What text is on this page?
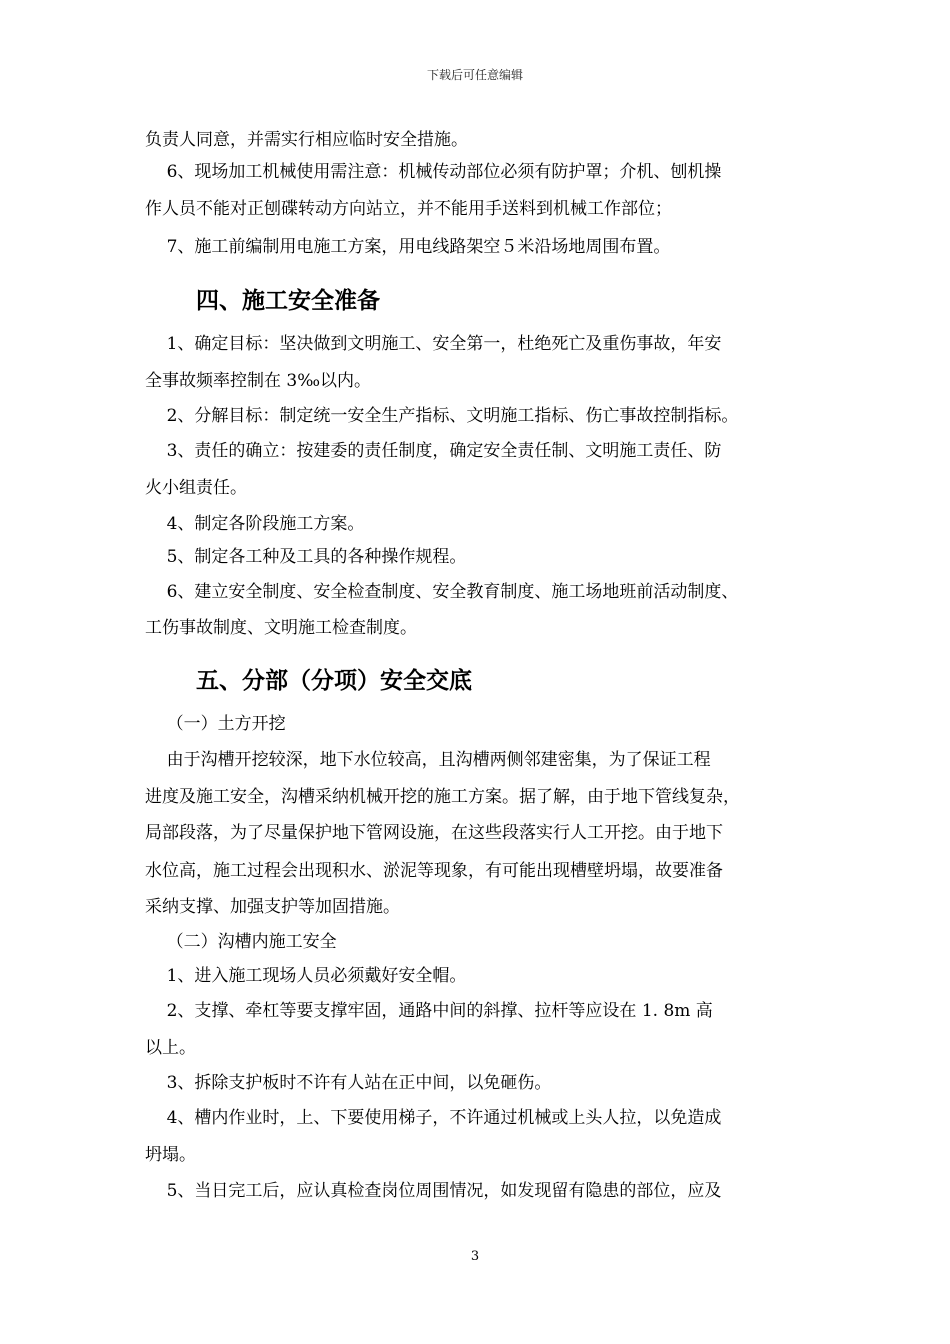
下载后可任意编辑
负责人同意，并需实行相应临时安全措施。
6、现场加工机械使用需注意：机械传动部位必须有防护罩；介机、刨机操
作人员不能对正刨碟转动方向站立，并不能用手送料到机械工作部位；
7、施工前编制用电施工方案，用电线路架空５米沿场地周围布置。
四、施工安全准备
1、确定目标：坚决做到文明施工、安全第一，杜绝死亡及重伤事故，年安
全事故频率控制在 3‰以内。
2、分解目标：制定统一安全生产指标、文明施工指标、伤亡事故控制指标。
3、责任的确立：按建委的责任制度，确定安全责任制、文明施工责任、防
火小组责任。
4、制定各阶段施工方案。
5、制定各工种及工具的各种操作规程。
6、建立安全制度、安全检查制度、安全教育制度、施工场地班前活动制度、
工伤事故制度、文明施工检查制度。
五、分部（分项）安全交底
（一）土方开挖
由于沟槽开挖较深，地下水位较高，且沟槽两侧邻建密集，为了保证工程
进度及施工安全，沟槽采纳机械开挖的施工方案。据了解，由于地下管线复杂，
局部段落，为了尽量保护地下管网设施，在这些段落实行人工开挖。由于地下
水位高，施工过程会出现积水、淤泥等现象，有可能出现槽壁坍塌，故要准备
采纳支撑、加强支护等加固措施。
（二）沟槽内施工安全
1、进入施工现场人员必须戴好安全帽。
2、支撑、牵杠等要支撑牢固，通路中间的斜撑、拉杆等应设在 1. 8m 高
以上。
3、拆除支护板时不许有人站在正中间，以免砸伤。
4、槽内作业时，上、下要使用梯子，不许通过机械或上头人拉，以免造成
坍塌。
5、当日完工后，应认真检查岗位周围情况，如发现留有隐患的部位，应及
3
